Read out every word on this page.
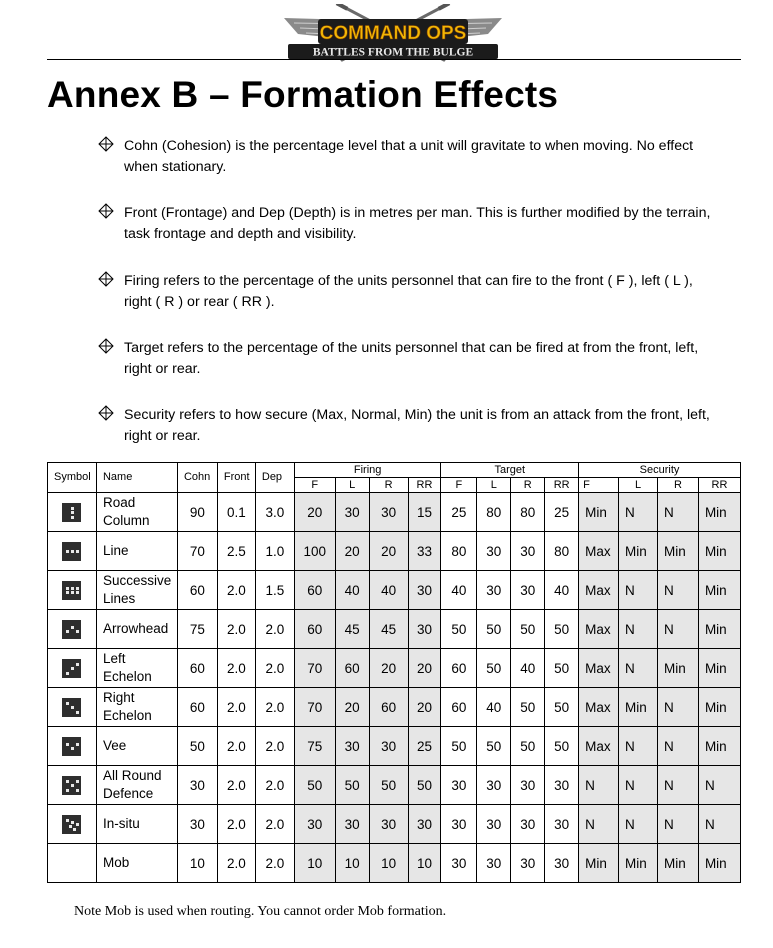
COMMAND OPS
BATTLES FROM THE BULGE
Annex B – Formation Effects
Cohn (Cohesion) is the percentage level that a unit will gravitate to when moving. No effect when stationary.
Front (Frontage) and Dep (Depth) is in metres per man. This is further modified by the terrain, task frontage and depth and visibility.
Firing refers to the percentage of the units personnel that can fire to the front ( F ), left ( L ), right ( R ) or rear ( RR ).
Target refers to the percentage of the units personnel that can be fired at from the front, left, right or rear.
Security refers to how secure (Max, Normal, Min) the unit is from an attack from the front, left, right or rear.
Symbol	Name	Cohn	Front	Dep	Firing				Target				Security			
					F	L	R	RR	F	L	R	RR	F	L	R	RR

	Road Column	90	0.1	3.0	20	30	30	15	25	80	80	25	Min	N	N	Min

	Line	70	2.5	1.0	100	20	20	33	80	30	30	80	Max	Min	Min	Min

	Successive Lines	60	2.0	1.5	60	40	40	30	40	30	30	40	Max	N	N	Min

	Arrowhead	75	2.0	2.0	60	45	45	30	50	50	50	50	Max	N	N	Min

	Left Echelon	60	2.0	2.0	70	60	20	20	60	50	40	50	Max	N	Min	Min

	Right Echelon	60	2.0	2.0	70	20	60	20	60	40	50	50	Max	Min	N	Min

	Vee	50	2.0	2.0	75	30	30	25	50	50	50	50	Max	N	N	Min

	All Round Defence	30	2.0	2.0	50	50	50	50	30	30	30	30	N	N	N	N

	In-situ	30	2.0	2.0	30	30	30	30	30	30	30	30	N	N	N	N
	Mob	10	2.0	2.0	10	10	10	10	30	30	30	30	Min	Min	Min	Min
Note Mob is used when routing. You cannot order Mob formation.
